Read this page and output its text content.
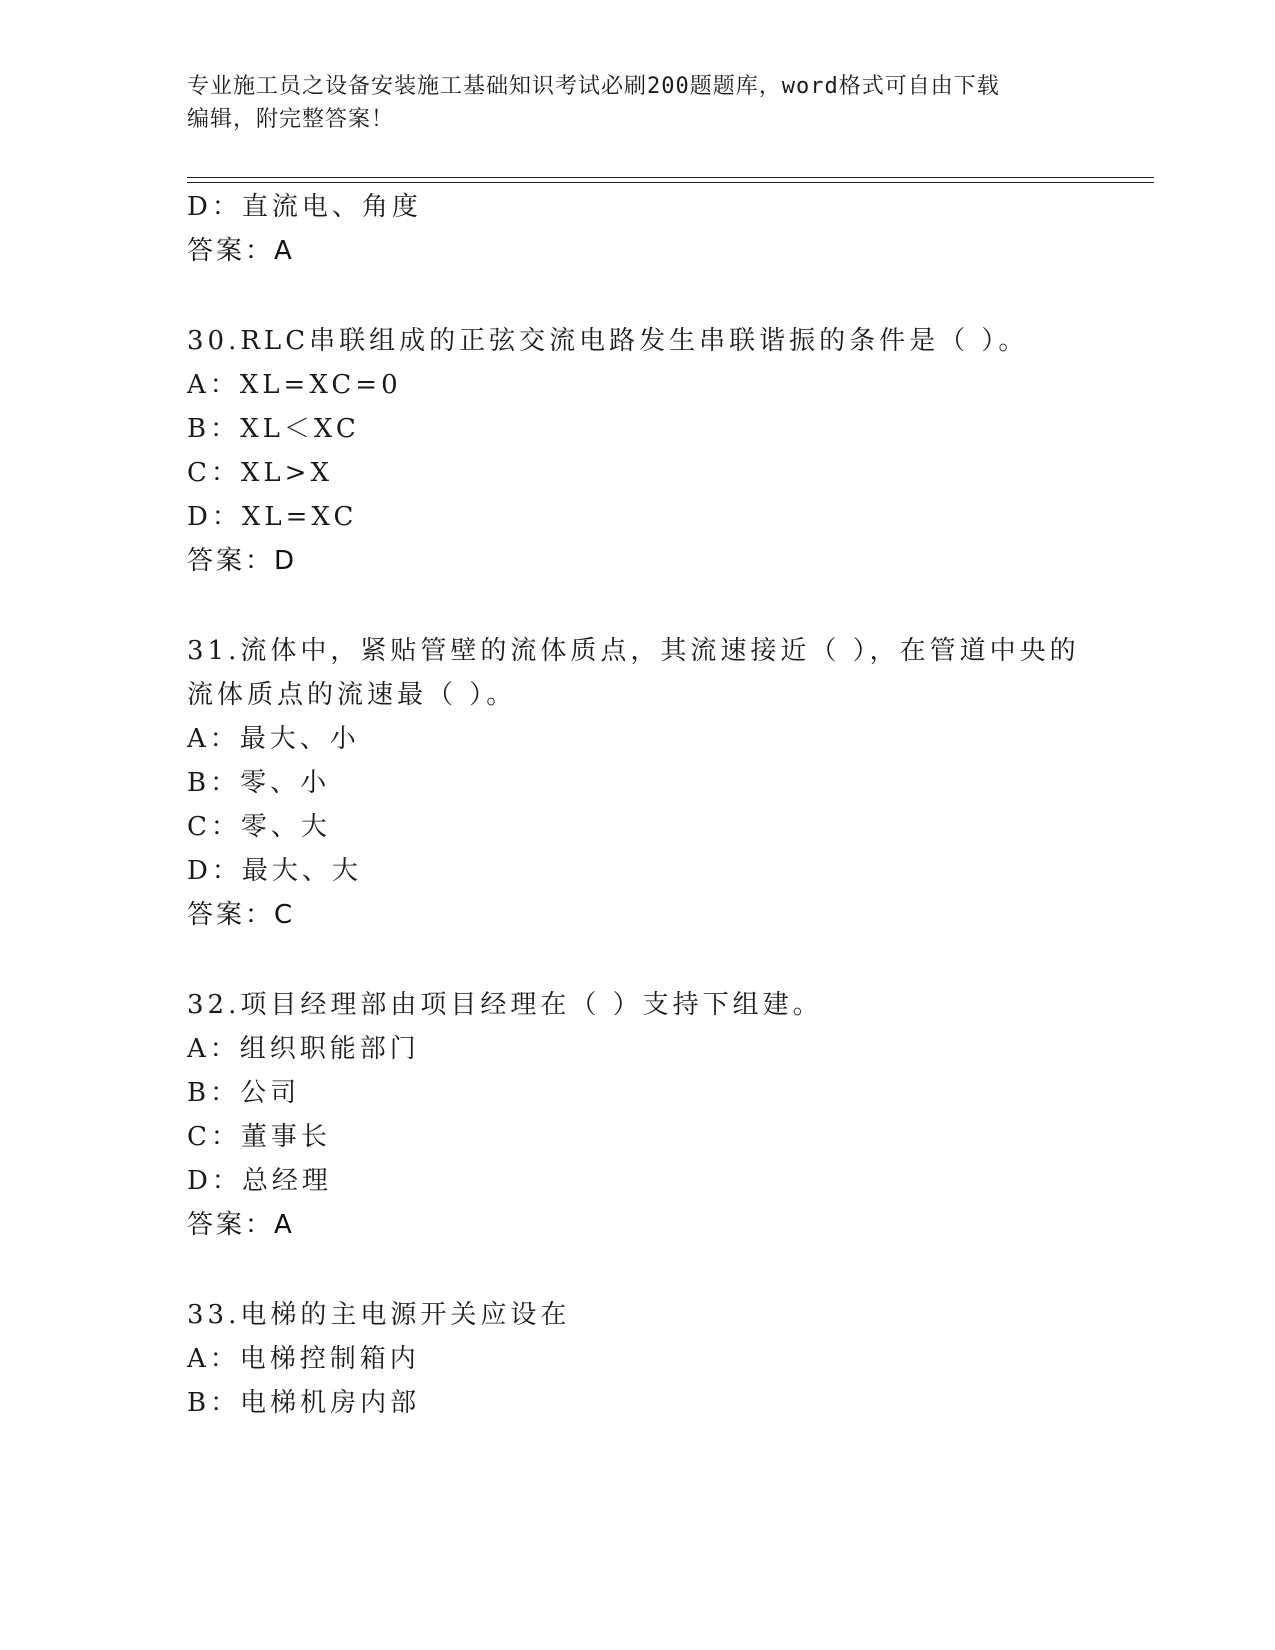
专业施工员之设备安装施工基础知识考试必刷200题题库，word格式可自由下载
编辑，附完整答案！
D：直流电、角度
答案：A
30.RLC串联组成的正弦交流电路发生串联谐振的条件是（ ）。
A：XL=XC=0
B：XL＜XC
C：XL>X
D：XL=XC
答案：D
31.流体中，紧贴管壁的流体质点，其流速接近（ ），在管道中央的
流体质点的流速最（ ）。
A：最大、小
B：零、小
C：零、大
D：最大、大
答案：C
32.项目经理部由项目经理在（ ）支持下组建。
A：组织职能部门
B：公司
C：董事长
D：总经理
答案：A
33.电梯的主电源开关应设在
A：电梯控制箱内
B：电梯机房内部
